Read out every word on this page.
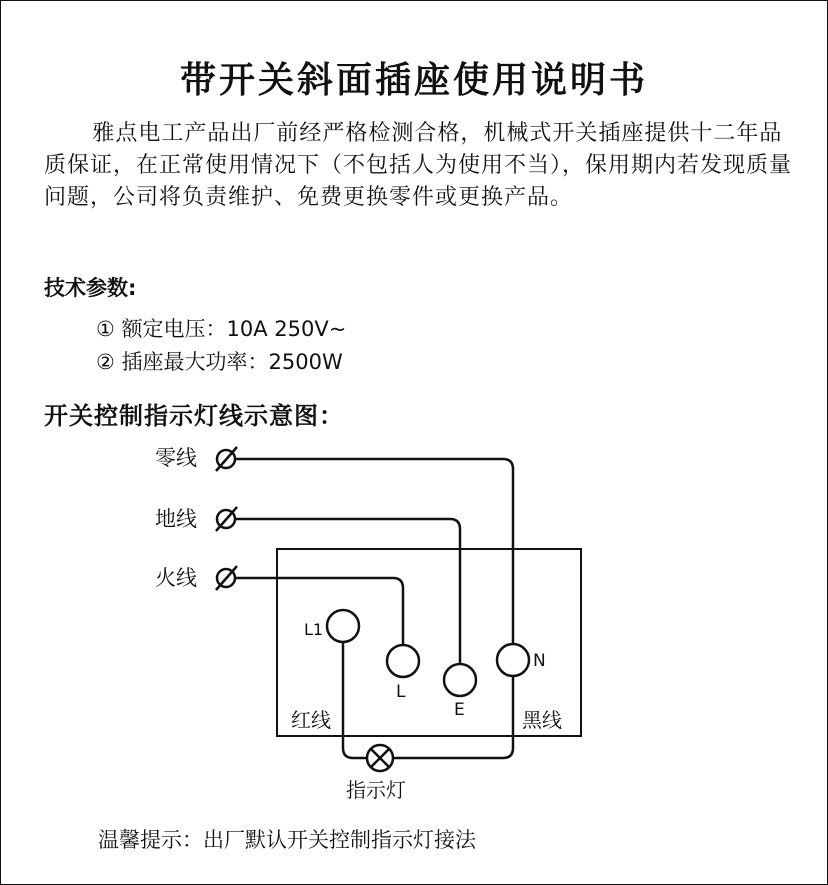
带开关斜面插座使用说明书

雅点电工产品出厂前经严格检测合格，机械式开关插座提供十二年品质保证，在正常使用情况下（不包括人为使用不当），保用期内若发现质量问题，公司将负责维护、免费更换零件或更换产品。

技术参数:
① 额定电压：10A 250V~
② 插座最大功率：2500W
开关控制指示灯线示意图：
零线
地线
火线
L1
L
E
N
红线	黑线
指示灯
温馨提示：出厂默认开关控制指示灯接法
